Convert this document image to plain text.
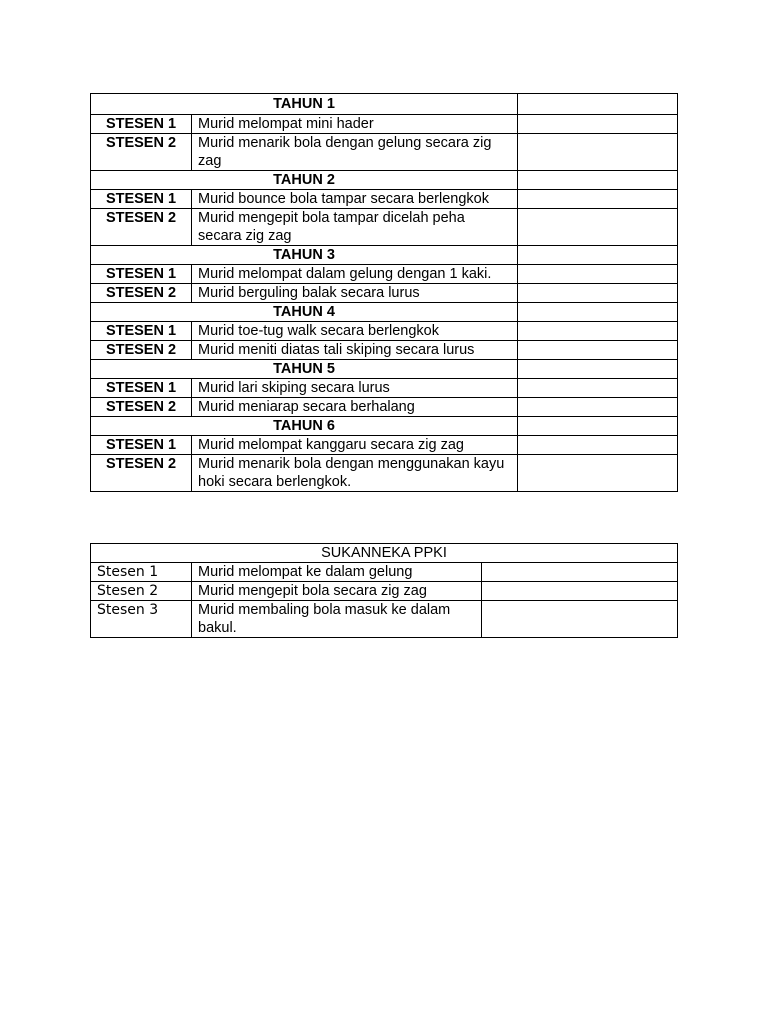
TAHUN 1		
STESEN 1	Murid melompat mini hader	
STESEN 2	Murid menarik bola dengan gelung secara zig zag	
TAHUN 2		
STESEN 1	Murid bounce bola tampar secara berlengkok	
STESEN 2	Murid mengepit bola tampar dicelah peha secara zig zag	
TAHUN 3		
STESEN 1	Murid melompat dalam gelung dengan 1 kaki.	
STESEN 2	Murid berguling balak secara lurus	
TAHUN 4		
STESEN 1	Murid toe-tug walk secara berlengkok	
STESEN 2	Murid meniti diatas tali skiping secara lurus	
TAHUN 5		
STESEN 1	Murid lari skiping secara lurus	
STESEN 2	Murid meniarap secara berhalang	
TAHUN 6		
STESEN 1	Murid melompat kanggaru secara zig zag	
STESEN 2	Murid menarik bola dengan menggunakan kayu hoki secara berlengkok.	
SUKANNEKA PPKI		
Stesen 1	Murid melompat ke dalam gelung	
Stesen 2	Murid mengepit bola secara zig zag	
Stesen 3	Murid membaling bola masuk ke dalam bakul.	
